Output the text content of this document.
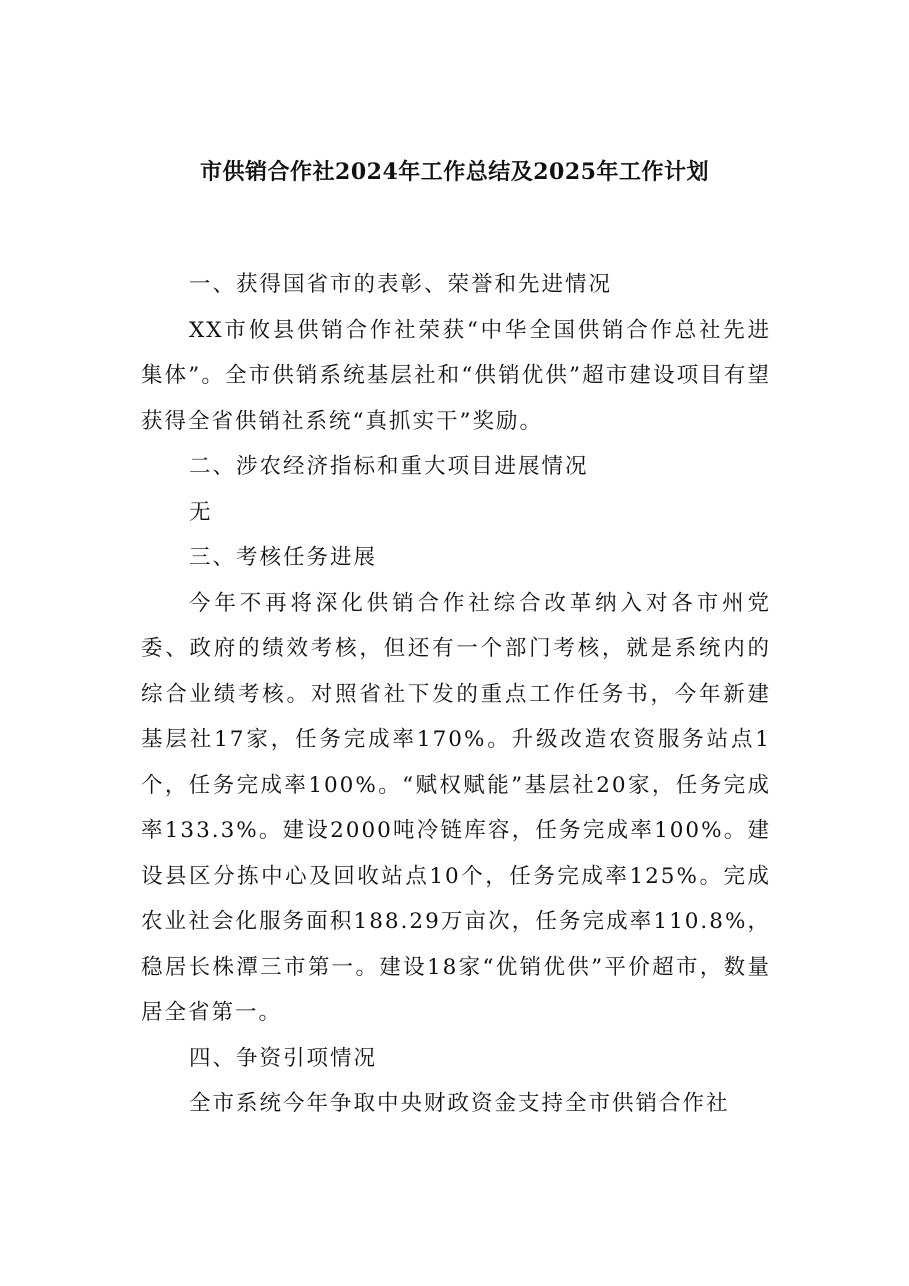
市供销合作社2024年工作总结及2025年工作计划

一、获得国省市的表彰、荣誉和先进情况

XX市攸县供销合作社荣获“中华全国供销合作总社先进集体”。全市供销系统基层社和“供销优供”超市建设项目有望获得全省供销社系统“真抓实干”奖励。

二、涉农经济指标和重大项目进展情况

无

三、考核任务进展

今年不再将深化供销合作社综合改革纳入对各市州党委、政府的绩效考核，但还有一个部门考核，就是系统内的综合业绩考核。对照省社下发的重点工作任务书，今年新建基层社17家，任务完成率170%。升级改造农资服务站点1个，任务完成率100%。“赋权赋能”基层社20家，任务完成率133.3%。建设2000吨冷链库容，任务完成率100%。建设县区分拣中心及回收站点10个，任务完成率125%。完成农业社会化服务面积188.29万亩次，任务完成率110.8%，稳居长株潭三市第一。建设18家“优销优供”平价超市，数量居全省第一。

四、争资引项情况

全市系统今年争取中央财政资金支持全市供销合作社
